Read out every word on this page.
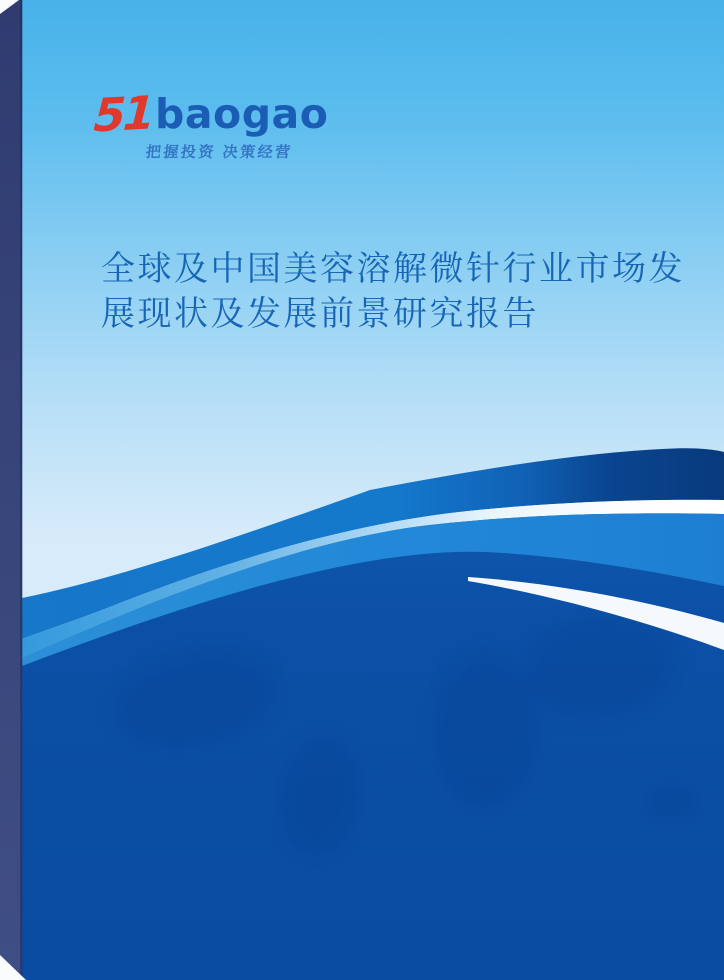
51 baogao
把握投资 决策经营
全球及中国美容溶解微针行业市场发
展现状及发展前景研究报告
